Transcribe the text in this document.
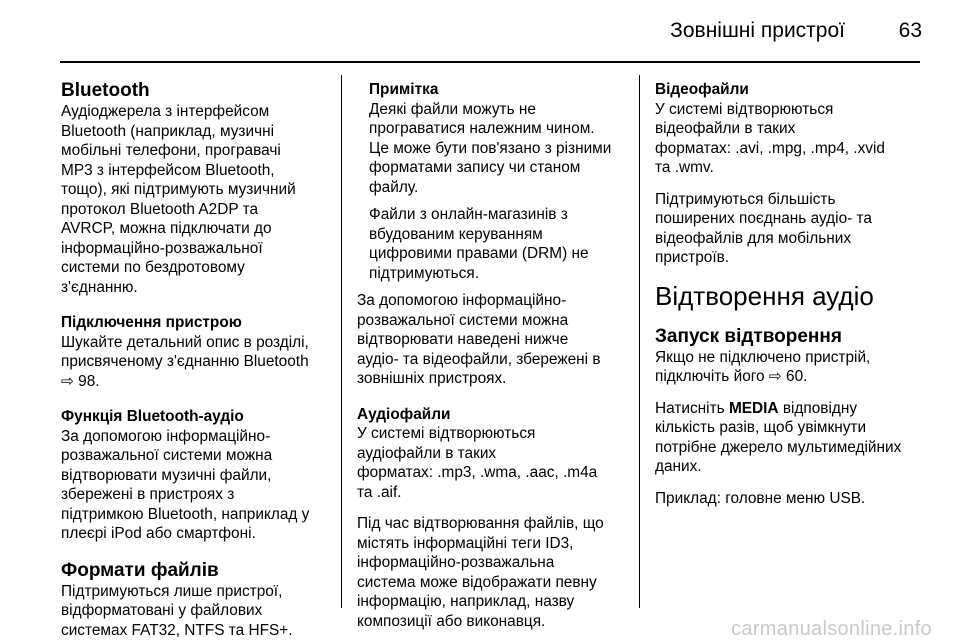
Зовнішні пристрої	63
Bluetooth
Аудіоджерела з інтерфейсом
Bluetooth (наприклад, музичні
мобільні телефони, програвачі
MP3 з інтерфейсом Bluetooth,
тощо), які підтримують музичний
протокол Bluetooth A2DP та
AVRCP, можна підключати до
інформаційно-розважальної
системи по бездротовому
з'єднанню.
Підключення пристрою
Шукайте детальний опис в розділі,
присвяченому з'єднанню Bluetooth
⇨ 98.
Функція Bluetooth-аудіо
За допомогою інформаційно-
розважальної системи можна
відтворювати музичні файли,
збережені в пристроях з
підтримкою Bluetooth, наприклад у
плеєрі iPod або смартфоні.
Формати файлів
Підтримуються лише пристрої,
відформатовані у файлових
системах FAT32, NTFS та HFS+.
Примітка
Деякі файли можуть не
програватися належним чином.
Це може бути пов'язано з різними
форматами запису чи станом
файлу.
Файли з онлайн-магазинів з
вбудованим керуванням
цифровими правами (DRM) не
підтримуються.
За допомогою інформаційно-
розважальної системи можна
відтворювати наведені нижче
аудіо- та відеофайли, збережені в
зовнішніх пристроях.
Аудіофайли
У системі відтворюються
аудіофайли в таких
форматах: .mp3, .wma, .aac, .m4a
та .aif.
Під час відтворювання файлів, що
містять інформаційні теги ID3,
інформаційно-розважальна
система може відображати певну
інформацію, наприклад, назву
композиції або виконавця.
Відеофайли
У системі відтворюються
відеофайли в таких
форматах: .avi, .mpg, .mp4, .xvid
та .wmv.
Підтримуються більшість
поширених поєднань аудіо- та
відеофайлів для мобільних
пристроїв.
Відтворення аудіо
Запуск відтворення
Якщо не підключено пристрій,
підключіть його ⇨ 60.
Натисніть MEDIA відповідну
кількість разів, щоб увімкнути
потрібне джерело мультимедійних
даних.
Приклад: головне меню USB.
carmanualsonline.info
